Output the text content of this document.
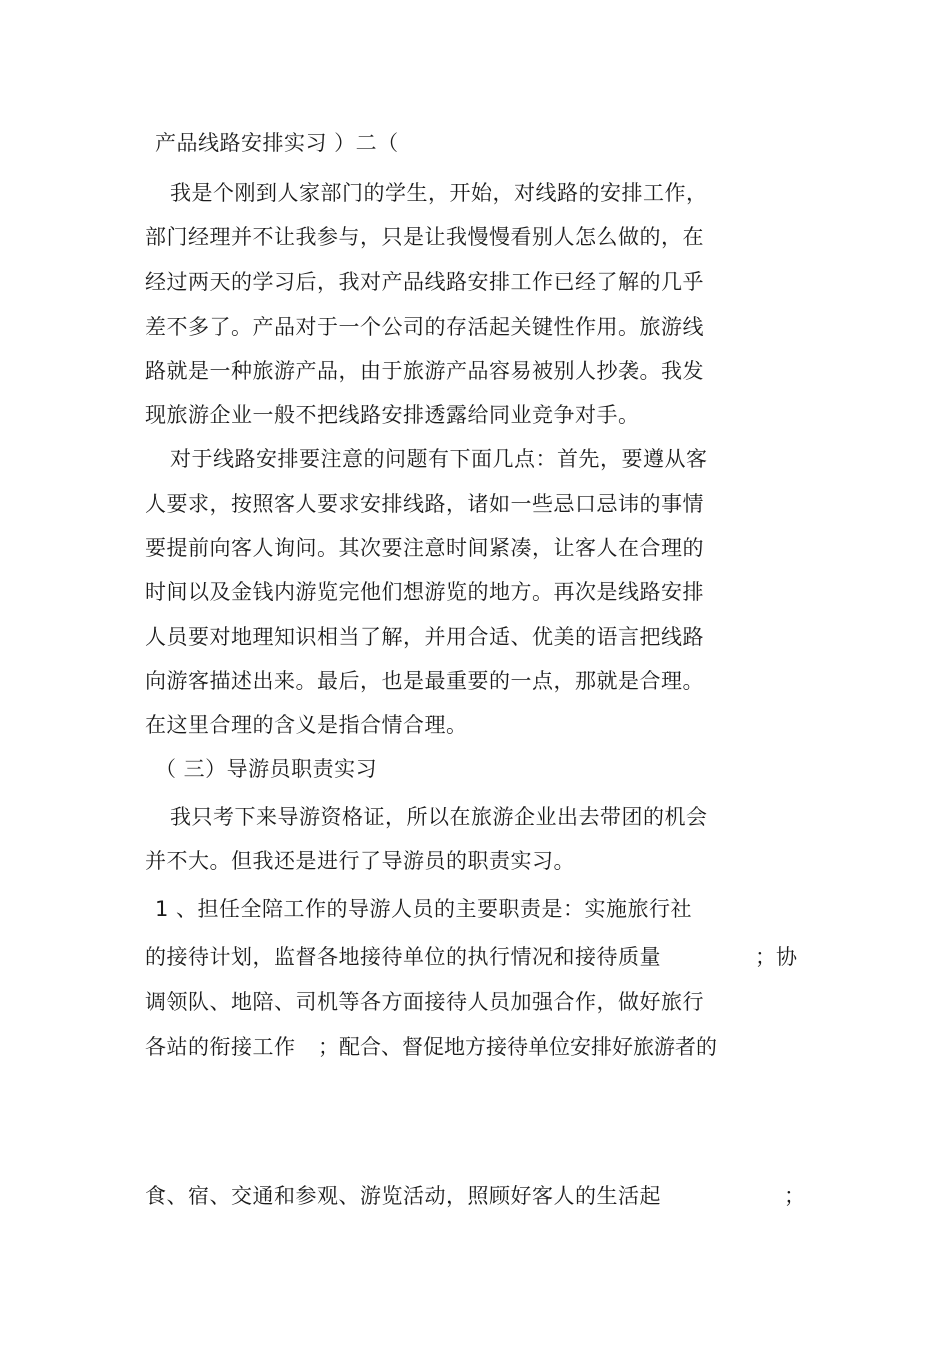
产品线路安排实习 ）二（
我是个刚到人家部门的学生，开始，对线路的安排工作，
部门经理并不让我参与，只是让我慢慢看别人怎么做的，在
经过两天的学习后，我对产品线路安排工作已经了解的几乎
差不多了。产品对于一个公司的存活起关键性作用。旅游线
路就是一种旅游产品，由于旅游产品容易被别人抄袭。我发
现旅游企业一般不把线路安排透露给同业竞争对手。
对于线路安排要注意的问题有下面几点：首先，要遵从客
人要求，按照客人要求安排线路，诸如一些忌口忌讳的事情
要提前向客人询问。其次要注意时间紧凑，让客人在合理的
时间以及金钱内游览完他们想游览的地方。再次是线路安排
人员要对地理知识相当了解，并用合适、优美的语言把线路
向游客描述出来。最后，也是最重要的一点，那就是合理。
在这里合理的含义是指合情合理。
（ 三）导游员职责实习
我只考下来导游资格证，所以在旅游企业出去带团的机会
并不大。但我还是进行了导游员的职责实习。
1 、担任全陪工作的导游人员的主要职责是：实施旅行社
的接待计划，监督各地接待单位的执行情况和接待质量	；协
调领队、地陪、司机等各方面接待人员加强合作，做好旅行
各站的衔接工作 ；配合、督促地方接待单位安排好旅游者的
食、宿、交通和参观、游览活动，照顾好客人的生活起	；
